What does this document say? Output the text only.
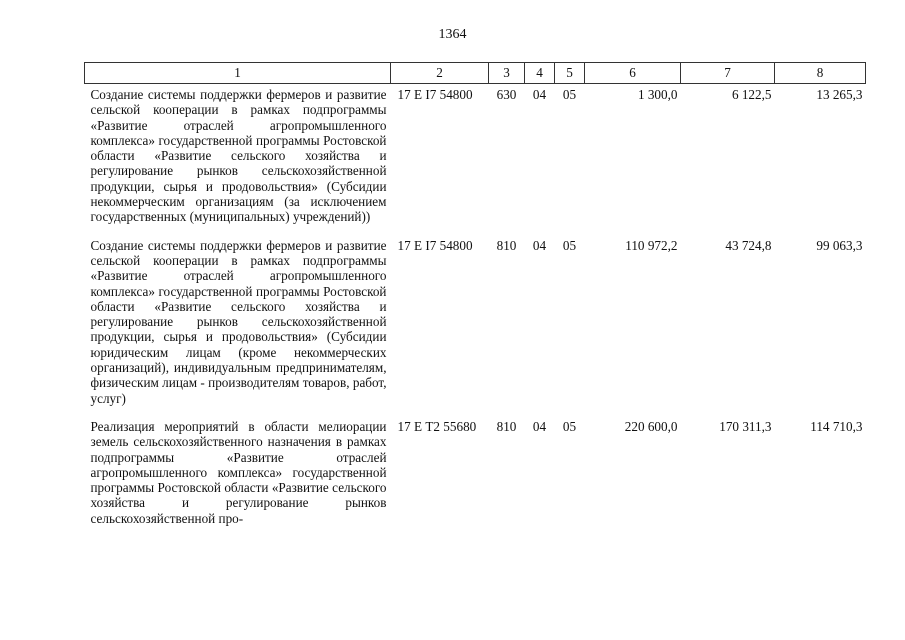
1364
1	2	3	4	5	6	7	8
Создание системы поддержки фермеров и развитие сельской кооперации в рамках подпрограммы «Развитие отраслей агропромышленного комплекса» государственной программы Ростовской области «Развитие сельского хозяйства и регулирование рынков сельскохозяйственной продукции, сырья и продовольствия» (Субсидии некоммерческим организациям (за исключением государственных (муниципальных) учреждений))	17 Е I7 54800	630	04	05	1 300,0	6 122,5	13 265,3
Создание системы поддержки фермеров и развитие сельской кооперации в рамках подпрограммы «Развитие отраслей агропромышленного комплекса» государственной программы Ростовской области «Развитие сельского хозяйства и регулирование рынков сельскохозяйственной продукции, сырья и продовольствия» (Субсидии юридическим лицам (кроме некоммерческих организаций), индивидуальным предпринимателям, физическим лицам - производителям товаров, работ, услуг)	17 Е I7 54800	810	04	05	110 972,2	43 724,8	99 063,3
Реализация мероприятий в области мелиорации земель сельскохозяйственного назначения в рамках подпрограммы «Развитие отраслей агропромышленного комплекса» государственной программы Ростовской области «Развитие сельского хозяйства и регулирование рынков сельскохозяйственной про-	17 Е T2 55680	810	04	05	220 600,0	170 311,3	114 710,3
